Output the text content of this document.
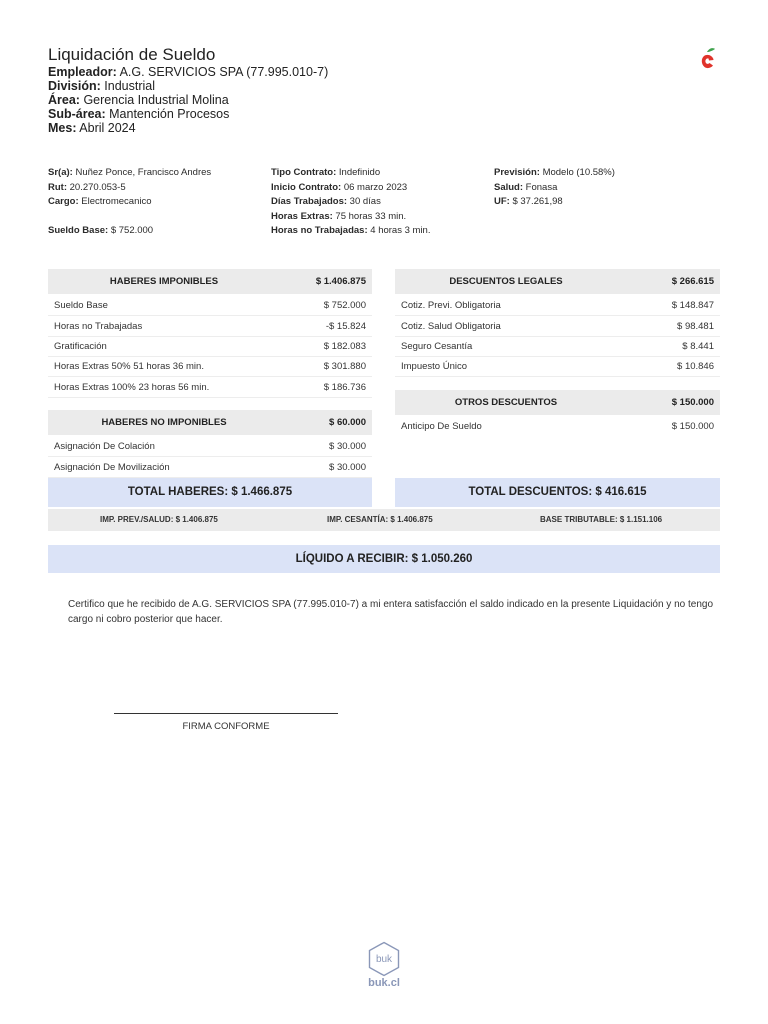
Liquidación de Sueldo
Empleador: A.G. SERVICIOS SPA (77.995.010-7)
División: Industrial
Área: Gerencia Industrial Molina
Sub-área: Mantención Procesos
Mes: Abril 2024
Sr(a): Nuñez Ponce, Francisco Andres
Rut: 20.270.053-5
Cargo: Electromecanico
Sueldo Base: $ 752.000
Tipo Contrato: Indefinido
Inicio Contrato: 06 marzo 2023
Días Trabajados: 30 días
Horas Extras: 75 horas 33 min.
Horas no Trabajadas: 4 horas 3 min.
Previsión: Modelo (10.58%)
Salud: Fonasa
UF: $ 37.261,98
HABERES IMPONIBLES	$ 1.406.875
Sueldo Base	$ 752.000
Horas no Trabajadas	-$ 15.824
Gratificación	$ 182.083
Horas Extras 50% 51 horas 36 min.	$ 301.880
Horas Extras 100% 23 horas 56 min.	$ 186.736
HABERES NO IMPONIBLES	$ 60.000
Asignación De Colación	$ 30.000
Asignación De Movilización	$ 30.000
DESCUENTOS LEGALES	$ 266.615
Cotiz. Previ. Obligatoria	$ 148.847
Cotiz. Salud Obligatoria	$ 98.481
Seguro Cesantía	$ 8.441
Impuesto Único	$ 10.846
OTROS DESCUENTOS	$ 150.000
Anticipo De Sueldo	$ 150.000
TOTAL HABERES: $ 1.466.875	TOTAL DESCUENTOS: $ 416.615
IMP. PREV./SALUD: $ 1.406.875	IMP. CESANTÍA: $ 1.406.875	BASE TRIBUTABLE: $ 1.151.106
LÍQUIDO A RECIBIR: $ 1.050.260
Certifico que he recibido de A.G. SERVICIOS SPA (77.995.010-7) a mi entera satisfacción el saldo indicado en la presente Liquidación y no tengo cargo ni cobro posterior que hacer.
FIRMA CONFORME
buk
buk.cl
